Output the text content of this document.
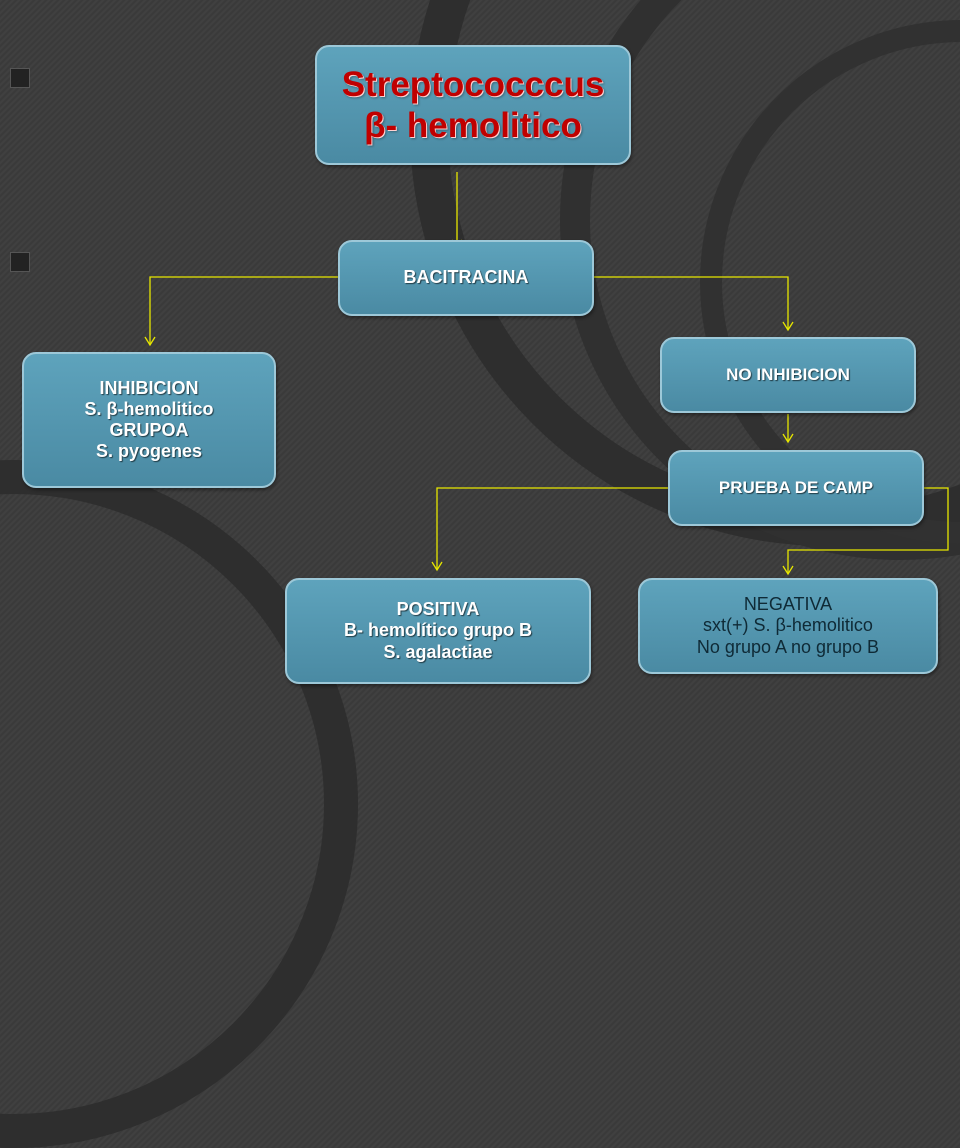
Streptococccus
β- hemolitico
BACITRACINA
INHIBICION
S. β-hemolitico
GRUPOA
S. pyogenes
NO INHIBICION
PRUEBA DE CAMP
POSITIVA
B- hemolítico grupo B
S. agalactiae
NEGATIVA
sxt(+) S. β-hemolitico
No grupo A no grupo B
